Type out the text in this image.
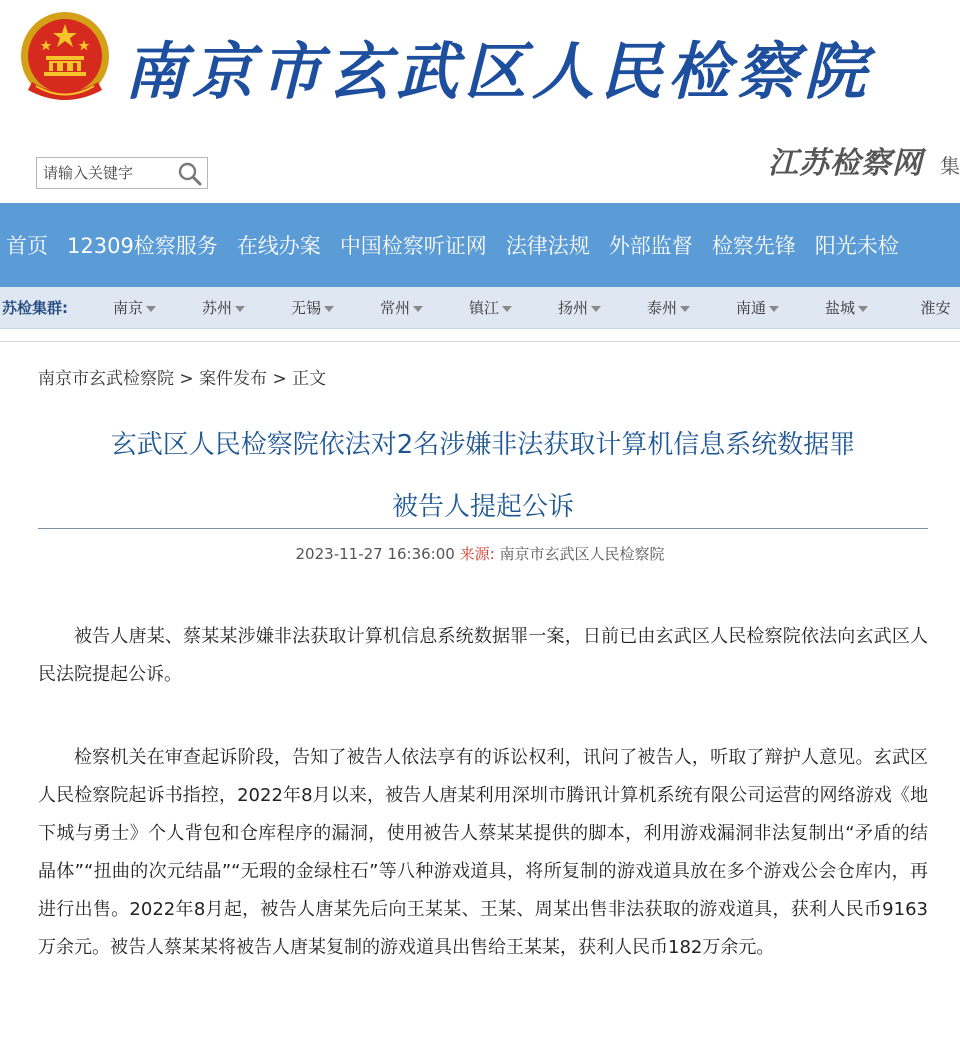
南京市玄武区人民检察院
请输入关键字
江苏检察网 集
首页 12309检察服务 在线办案 中国检察听证网 法律法规 外部监督 检察先锋 阳光未检
苏检集群:	南京	苏州	无锡	常州	镇江	扬州	泰州	南通	盐城	淮安
南京市玄武检察院 > 案件发布 > 正文
玄武区人民检察院依法对2名涉嫌非法获取计算机信息系统数据罪
被告人提起公诉
2023-11-27 16:36:00 来源: 南京市玄武区人民检察院

被告人唐某、蔡某某涉嫌非法获取计算机信息系统数据罪一案，日前已由玄武区人民检察院依法向玄武区人民法院提起公诉。

检察机关在审查起诉阶段，告知了被告人依法享有的诉讼权利，讯问了被告人，听取了辩护人意见。玄武区人民检察院起诉书指控，2022年8月以来，被告人唐某利用深圳市腾讯计算机系统有限公司运营的网络游戏《地下城与勇士》个人背包和仓库程序的漏洞，使用被告人蔡某某提供的脚本，利用游戏漏洞非法复制出“矛盾的结晶体”“扭曲的次元结晶”“无瑕的金绿柱石”等八种游戏道具，将所复制的游戏道具放在多个游戏公会仓库内，再进行出售。2022年8月起，被告人唐某先后向王某某、王某、周某出售非法获取的游戏道具，获利人民币9163万余元。被告人蔡某某将被告人唐某复制的游戏道具出售给王某某，获利人民币182万余元。
